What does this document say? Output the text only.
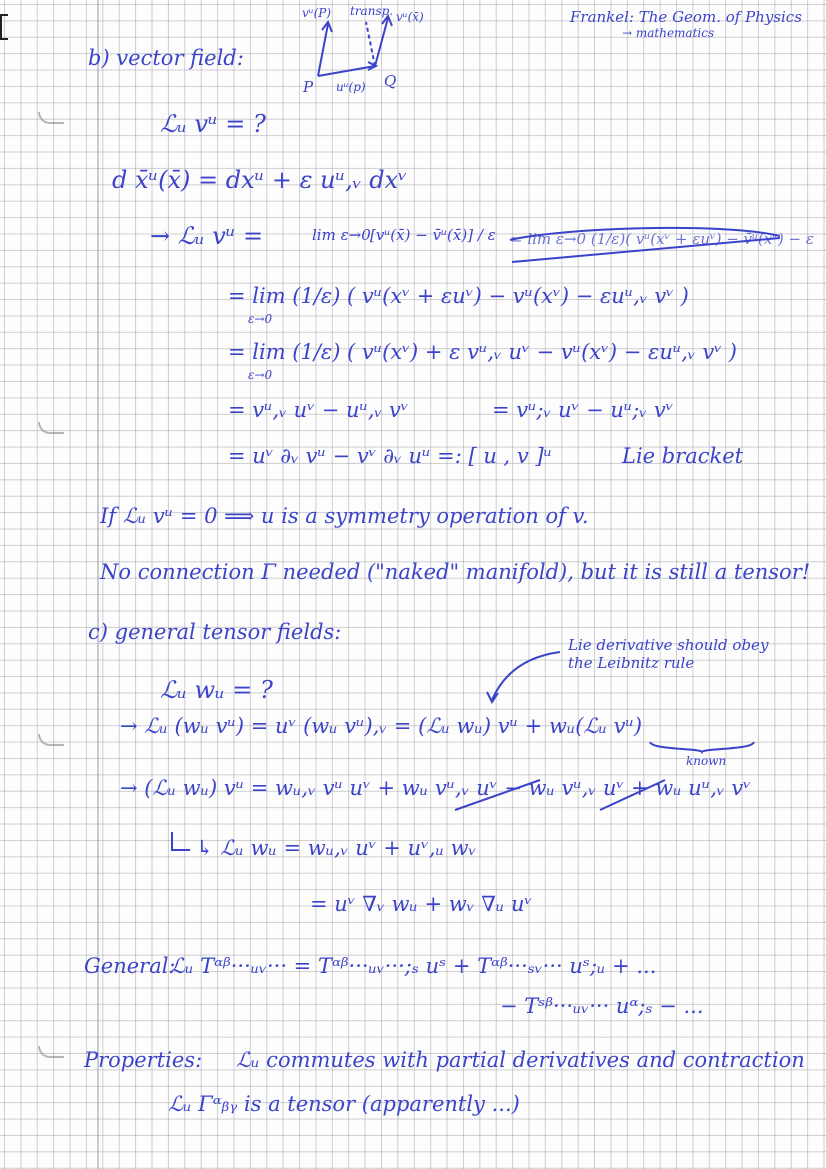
Frankel: The Geom. of Physics
→ mathematics
vᵘ(P) transp. vᵘ(x̄)
uᵘ(p)
P	Q
b) vector field:
ℒᵤ vᵘ = ?
d x̄ᵘ(x̄) = dxᵘ + ε uᵘ,ᵥ dxᵛ
→ ℒᵤ vᵘ =	lim ε→0 [vᵘ(x̄) − v̄ᵘ(x̄)] / ε = lim ε→0 (1/ε)( vᵘ(xᵛ + εuᵛ) − v̄ᵘ(xᵛ) − ε
= lim (1/ε) ( vᵘ(xᵛ + εuᵛ) − vᵘ(xᵛ) − εuᵘ,ᵥ vᵛ )
ε→0
= lim (1/ε) ( vᵘ(xᵛ) + ε vᵘ,ᵥ uᵛ − vᵘ(xᵛ) − εuᵘ,ᵥ vᵛ )
ε→0
= vᵘ,ᵥ uᵛ − uᵘ,ᵥ vᵛ	= vᵘ;ᵥ uᵛ − uᵘ;ᵥ vᵛ
= uᵛ ∂ᵥ vᵘ − vᵛ ∂ᵥ uᵘ =: [ u , v ]ᵘ	Lie bracket
If ℒᵤ vᵘ = 0 ⟹ u is a symmetry operation of v.
No connection Γ needed ("naked" manifold), but it is still a tensor!
c) general tensor fields:
Lie derivative should obey the Leibnitz rule
ℒᵤ wᵤ = ?
→ ℒᵤ (wᵤ vᵘ) = uᵛ (wᵤ vᵘ),ᵥ = (ℒᵤ wᵤ) vᵘ + wᵤ(ℒᵤ vᵘ)
known
→ (ℒᵤ wᵤ) vᵘ = wᵤ,ᵥ vᵘ uᵛ + wᵤ vᵘ,ᵥ uᵛ − wᵤ vᵘ,ᵥ uᵛ + wᵤ uᵘ,ᵥ vᵛ
↳ ℒᵤ wᵤ = wᵤ,ᵥ uᵛ + uᵛ,ᵤ wᵥ
= uᵛ ∇ᵥ wᵤ + wᵥ ∇ᵤ uᵛ
General:
ℒᵤ Tᵅᵝ···ᵤᵥ··· = Tᵅᵝ···ᵤᵥ···;ₛ uˢ + Tᵅᵝ···ₛᵥ··· uˢ;ᵤ + ...
− Tˢᵝ···ᵤᵥ··· uᵅ;ₛ − ...
Properties: ℒᵤ commutes with partial derivatives and contraction
ℒᵤ Γᵅᵦᵧ is a tensor (apparently ...)
